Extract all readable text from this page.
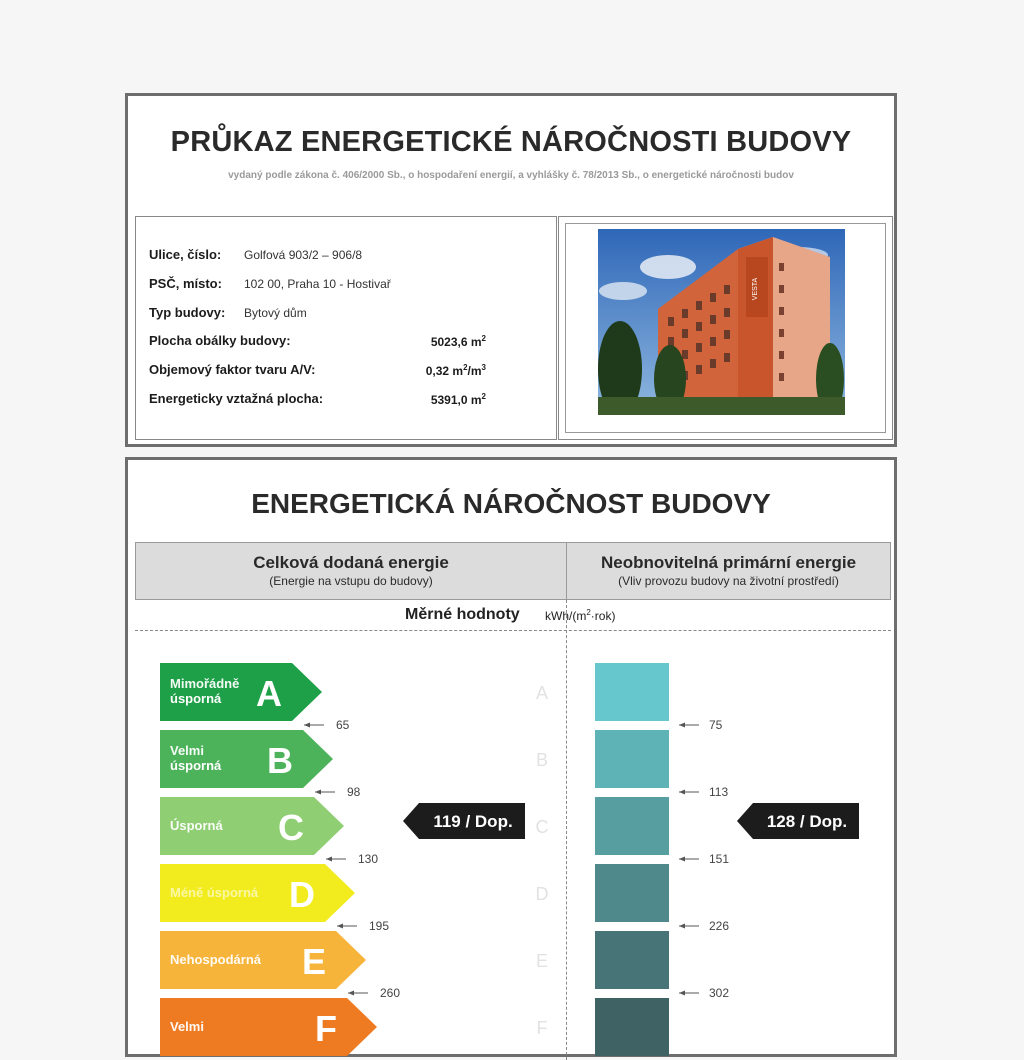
PRŮKAZ ENERGETICKÉ NÁROČNOSTI BUDOVY
vydaný podle zákona č. 406/2000 Sb., o hospodaření energií, a vyhlášky č. 78/2013 Sb., o energetické náročnosti budov
Ulice, číslo: Golfová 903/2 – 906/8
PSČ, místo: 102 00, Praha 10 - Hostivař
Typ budovy: Bytový dům
Plocha obálky budovy:	5023,6 $m^2$
Objemový faktor tvaru A/V:	0,32 $m^2/m^3$
Energeticky vztažná plocha:	5391,0 $m^2$
VESTA
ENERGETICKÁ NÁROČNOST BUDOVY
Celková dodaná energie
(Energie na vstupu do budovy)
Neobnovitelná primární energie
(Vliv provozu budovy na životní prostředí)
Měrné hodnoty kWh/$(m^2\cdot rok)$
Mimořádně
úsporná A	A
65	75
Velmi
úsporná B	B
98	113
Úsporná C	C
130	151
Méně úsporná D	D
195	226
Nehospodárná E	E
260	302
Velmi	F	F
119 / Dop.	128 / Dop.
